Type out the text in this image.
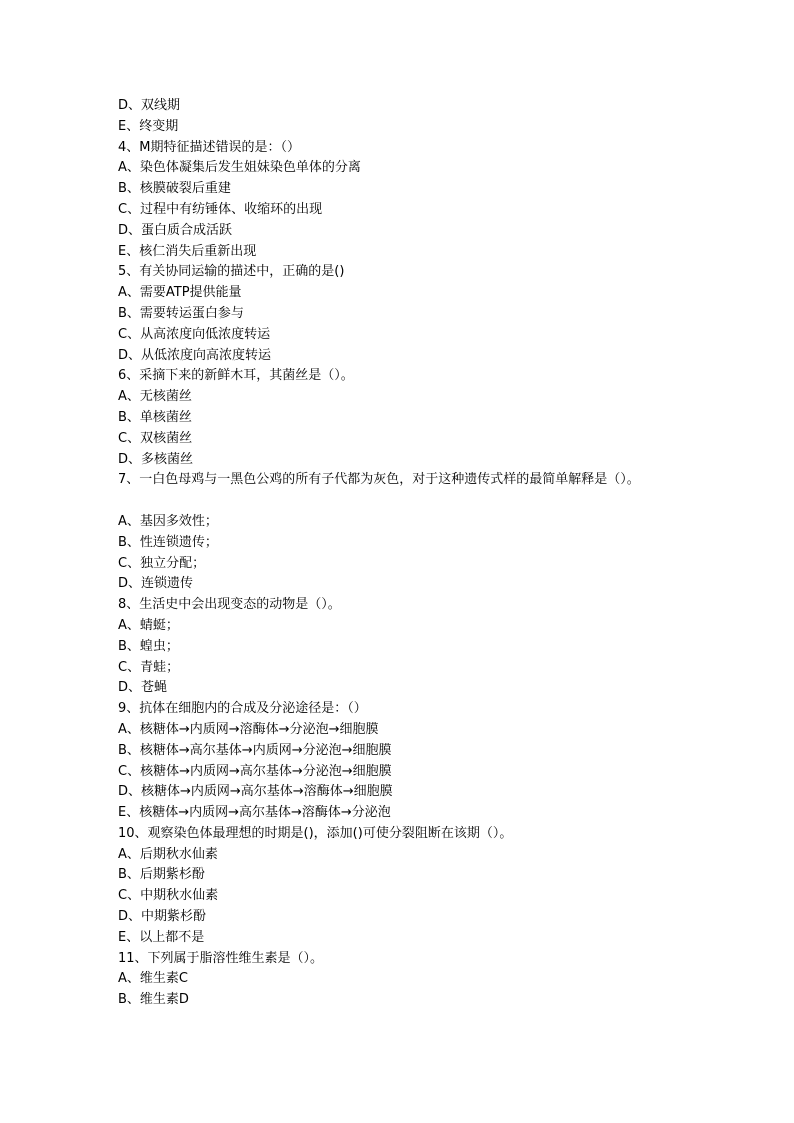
D、双线期
E、终变期
4、M期特征描述错误的是：（）
A、染色体凝集后发生姐妹染色单体的分离
B、核膜破裂后重建
C、过程中有纺锤体、收缩环的出现
D、蛋白质合成活跃
E、核仁消失后重新出现
5、有关协同运输的描述中，正确的是()
A、需要ATP提供能量
B、需要转运蛋白参与
C、从高浓度向低浓度转运
D、从低浓度向高浓度转运
6、采摘下来的新鲜木耳，其菌丝是（）。
A、无核菌丝
B、单核菌丝
C、双核菌丝
D、多核菌丝
7、一白色母鸡与一黑色公鸡的所有子代都为灰色，对于这种遗传式样的最简单解释是（）。
A、基因多效性；
B、性连锁遗传；
C、独立分配；
D、连锁遗传
8、生活史中会出现变态的动物是（）。
A、蜻蜓；
B、蝗虫；
C、青蛙；
D、苍蝇
9、抗体在细胞内的合成及分泌途径是：（）
A、核糖体→内质网→溶酶体→分泌泡→细胞膜
B、核糖体→高尔基体→内质网→分泌泡→细胞膜
C、核糖体→内质网→高尔基体→分泌泡→细胞膜
D、核糖体→内质网→高尔基体→溶酶体→细胞膜
E、核糖体→内质网→高尔基体→溶酶体→分泌泡
10、观察染色体最理想的时期是()，添加()可使分裂阻断在该期（）。
A、后期秋水仙素
B、后期紫杉酚
C、中期秋水仙素
D、中期紫杉酚
E、以上都不是
11、下列属于脂溶性维生素是（）。
A、维生素C
B、维生素D
